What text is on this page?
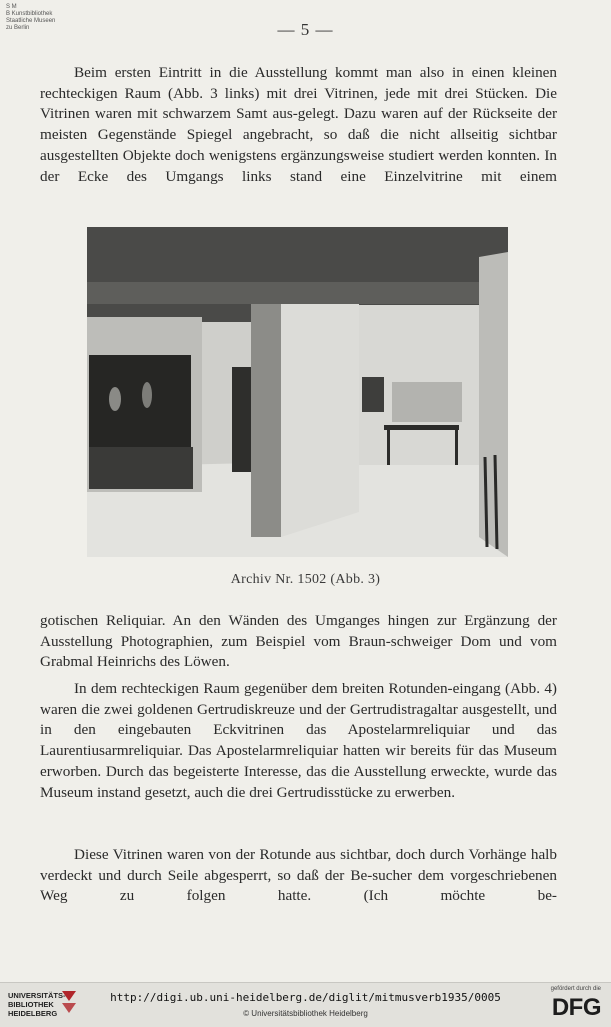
S M
B Kunstbibliothek
Staatliche Museen
zu Berlin	— 5 —

Beim ersten Eintritt in die Ausstellung kommt man also in einen kleinen rechteckigen Raum (Abb. 3 links) mit drei Vitrinen, jede mit drei Stücken. Die Vitrinen waren mit schwarzem Samt aus-gelegt. Dazu waren auf der Rückseite der meisten Gegenstände Spiegel angebracht, so daß die nicht allseitig sichtbar ausgestellten Objekte doch wenigstens ergänzungsweise studiert werden konnten. In der Ecke des Umgangs links stand eine Einzelvitrine mit einem

Archiv Nr. 1502 (Abb. 3)

gotischen Reliquiar. An den Wänden des Umganges hingen zur Ergänzung der Ausstellung Photographien, zum Beispiel vom Braun-schweiger Dom und vom Grabmal Heinrichs des Löwen.

In dem rechteckigen Raum gegenüber dem breiten Rotunden-eingang (Abb. 4) waren die zwei goldenen Gertrudiskreuze und der Gertrudistragaltar ausgestellt, und in den eingebauten Eckvitrinen das Apostelarmreliquiar und das Laurentiusarmreliquiar. Das Apostelarmreliquiar hatten wir bereits für das Museum erworben. Durch das begeisterte Interesse, das die Ausstellung erweckte, wurde das Museum instand gesetzt, auch die drei Gertrudisstücke zu erwerben.

Diese Vitrinen waren von der Rotunde aus sichtbar, doch durch Vorhänge halb verdeckt und durch Seile abgesperrt, so daß der Be-sucher dem vorgeschriebenen Weg zu folgen hatte. (Ich möchte be-

UNIVERSITÄTS-
BIBLIOTHEK
HEIDELBERG
http://digi.ub.uni-heidelberg.de/diglit/mitmusverb1935/0005
© Universitätsbibliothek Heidelberg
gefördert durch die
DFG
